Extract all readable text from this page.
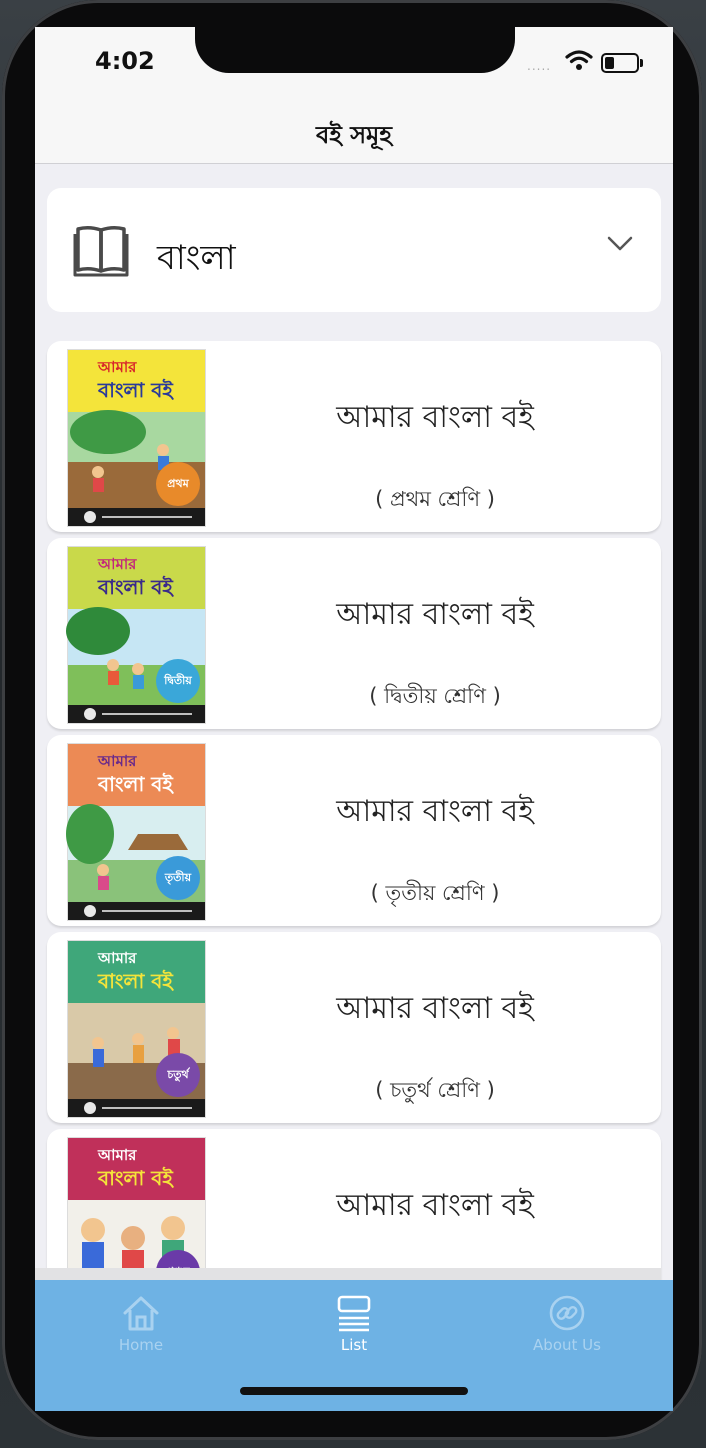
4:02	.....
বই সমূহ
বাংলা
আমার
বাংলা বই
প্রথম
আমার বাংলা বই
( প্রথম শ্রেণি )
আমার
বাংলা বই
দ্বিতীয়
আমার বাংলা বই
( দ্বিতীয় শ্রেণি )
আমার
বাংলা বই
তৃতীয়
আমার বাংলা বই
( তৃতীয় শ্রেণি )
আমার
বাংলা বই
চতুর্থ
আমার বাংলা বই
( চতুর্থ শ্রেণি )
আমার
বাংলা বই
আমার বাংলা বই
Home	List	About Us
